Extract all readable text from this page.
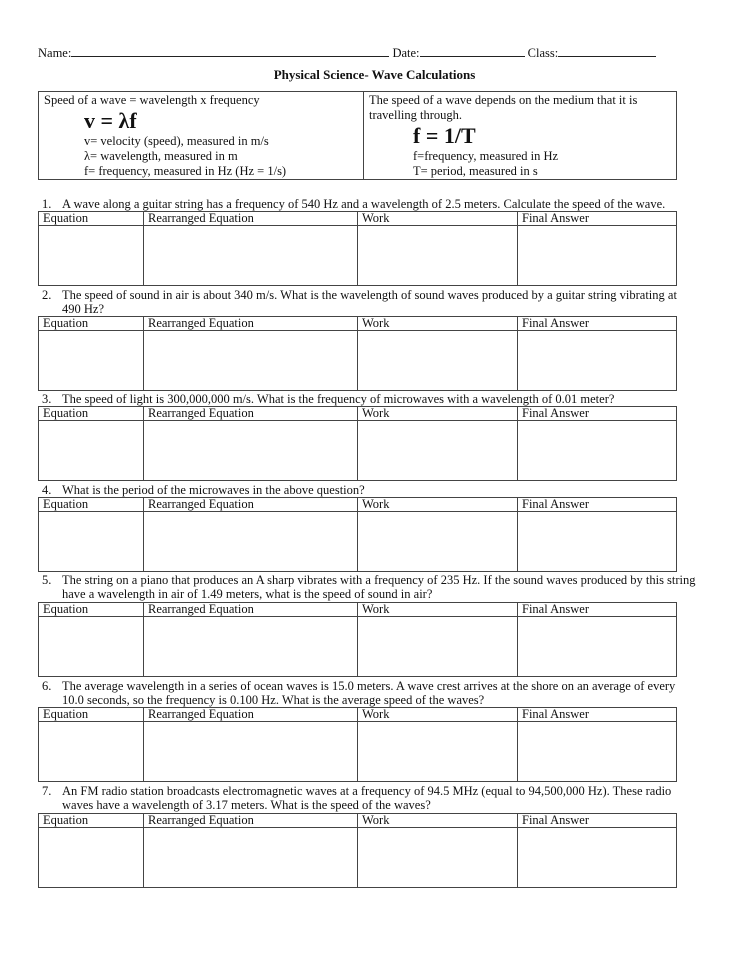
Name:	Date:	Class:
Physical Science- Wave Calculations
Speed of a wave = wavelength x frequency
v = λf
v= velocity (speed), measured in m/s
λ= wavelength, measured in m
f= frequency, measured in Hz (Hz = 1/s)
The speed of a wave depends on the medium that it is travelling through.
f = 1/T
f=frequency, measured in Hz
T= period, measured in s
1. A wave along a guitar string has a frequency of 540 Hz and a wavelength of 2.5 meters. Calculate the speed of the wave.
Equation	Rearranged Equation	Work	Final Answer
2. The speed of sound in air is about 340 m/s. What is the wavelength of sound waves produced by a guitar string vibrating at 490 Hz?
Equation	Rearranged Equation	Work	Final Answer
3. The speed of light is 300,000,000 m/s. What is the frequency of microwaves with a wavelength of 0.01 meter?
Equation	Rearranged Equation	Work	Final Answer
4. What is the period of the microwaves in the above question?
Equation	Rearranged Equation	Work	Final Answer
5. The string on a piano that produces an A sharp vibrates with a frequency of 235 Hz. If the sound waves produced by this string have a wavelength in air of 1.49 meters, what is the speed of sound in air?
Equation	Rearranged Equation	Work	Final Answer
6. The average wavelength in a series of ocean waves is 15.0 meters. A wave crest arrives at the shore on an average of every 10.0 seconds, so the frequency is 0.100 Hz. What is the average speed of the waves?
Equation	Rearranged Equation	Work	Final Answer
7. An FM radio station broadcasts electromagnetic waves at a frequency of 94.5 MHz (equal to 94,500,000 Hz). These radio waves have a wavelength of 3.17 meters. What is the speed of the waves?
Equation	Rearranged Equation	Work	Final Answer
